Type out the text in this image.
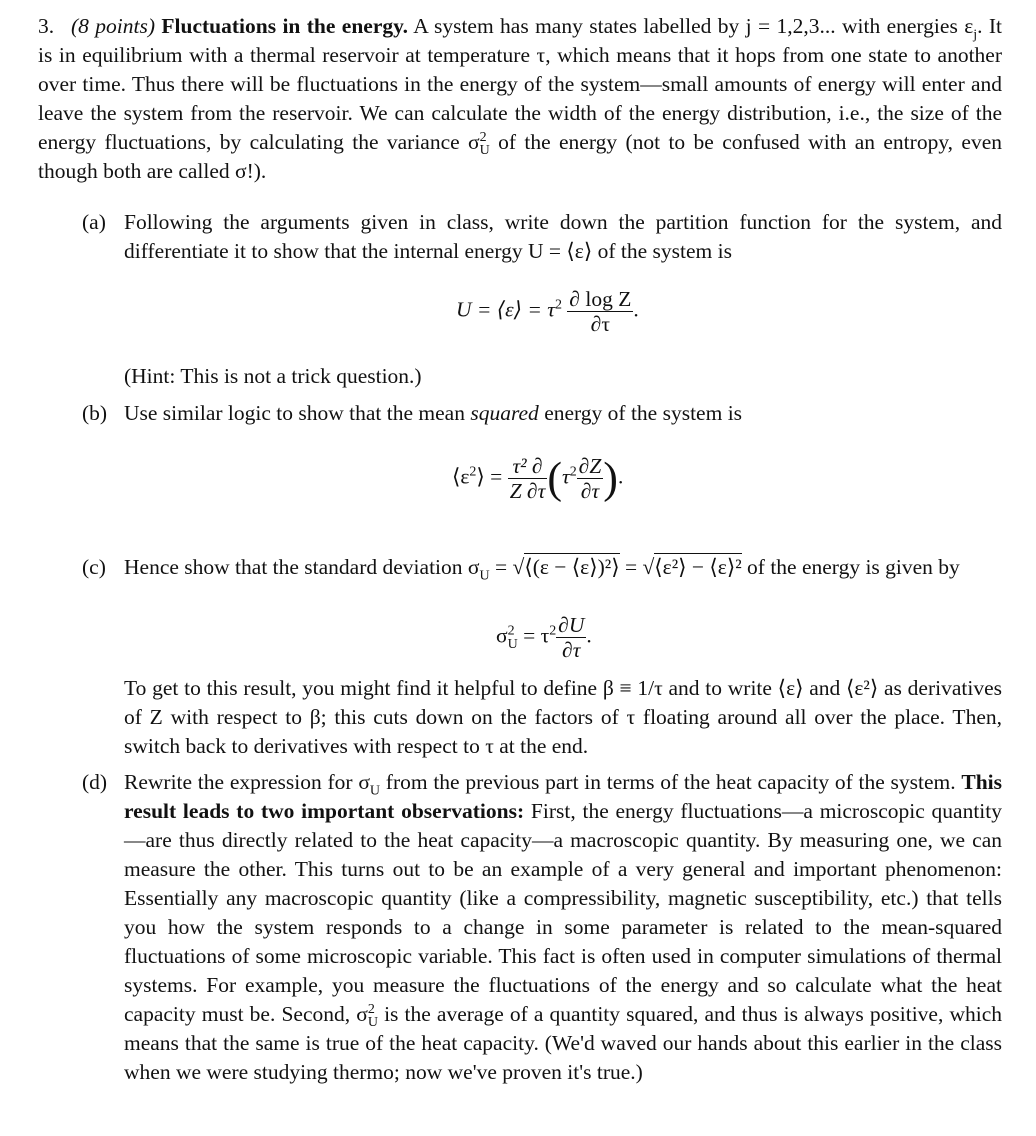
3. (8 points) Fluctuations in the energy. A system has many states labelled by j = 1,2,3... with energies $\varepsilon_j$. It is in equilibrium with a thermal reservoir at temperature τ, which means that it hops from one state to another over time. Thus there will be fluctuations in the energy of the system—small amounts of energy will enter and leave the system from the reservoir. We can calculate the width of the energy distribution, i.e., the size of the energy fluctuations, by calculating the variance $\sigma^2_U$ of the energy (not to be confused with an entropy, even though both are called σ!).
(a) Following the arguments given in class, write down the partition function for the system, and differentiate it to show that the internal energy U = ⟨ε⟩ of the system is
U = ⟨ε⟩ = $\tau^2 \frac{\text{∂ log Z}}{\partial\tau}$ .
(Hint: This is not a trick question.)
(b) Use similar logic to show that the mean squared energy of the system is
$⟨\varepsilon^2⟩ = \frac{\text{τ² ∂}}{Z \partial\tau} (\tau^2 \frac{\partial Z}{\partial\tau}$ ).
(c) Hence show that the standard deviation $\sigma_U$ = √⟨(ε − ⟨ε⟩)²⟩ = √⟨ε²⟩ − ⟨ε⟩² of the energy is given by
$\sigma^2_U = \tau^2 \frac{\partial U}{\partial\tau}$ .
To get to this result, you might find it helpful to define β ≡ 1/τ and to write ⟨ε⟩ and ⟨ε²⟩ as derivatives of Z with respect to β; this cuts down on the factors of τ floating around all over the place. Then, switch back to derivatives with respect to τ at the end.
(d) Rewrite the expression for $\sigma_U$ from the previous part in terms of the heat capacity of the system. This result leads to two important observations: First, the energy fluctuations—a microscopic quantity—are thus directly related to the heat capacity—a macroscopic quantity. By measuring one, we can measure the other. This turns out to be an example of a very general and important phenomenon: Essentially any macroscopic quantity (like a compressibility, magnetic susceptibility, etc.) that tells you how the system responds to a change in some parameter is related to the mean-squared fluctuations of some microscopic variable. This fact is often used in computer simulations of thermal systems. For example, you measure the fluctuations of the energy and so calculate what the heat capacity must be. Second, $\sigma^2_U$ is the average of a quantity squared, and thus is always positive, which means that the same is true of the heat capacity. (We'd waved our hands about this earlier in the class when we were studying thermo; now we've proven it's true.)
